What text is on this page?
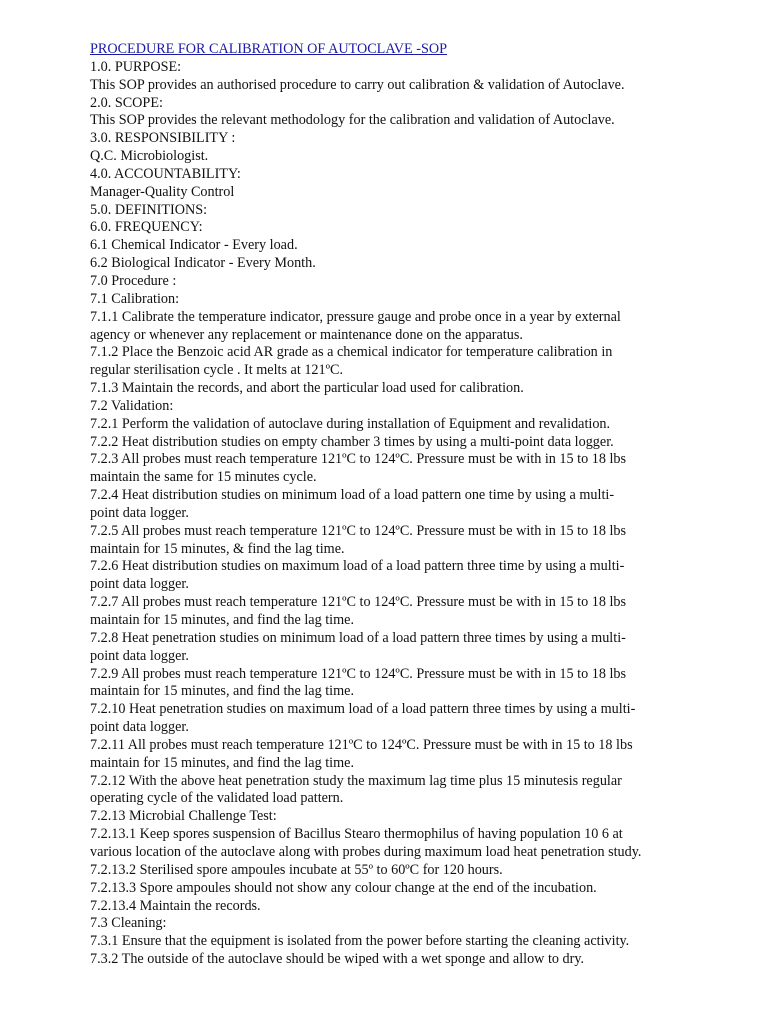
PROCEDURE FOR CALIBRATION OF AUTOCLAVE -SOP
1.0. PURPOSE:
This SOP provides an authorised procedure to carry out calibration & validation of Autoclave.
2.0. SCOPE:
This SOP provides the relevant methodology for the calibration and validation of Autoclave.
3.0. RESPONSIBILITY :
Q.C. Microbiologist.
4.0. ACCOUNTABILITY:
Manager-Quality Control
5.0. DEFINITIONS:
6.0. FREQUENCY:
6.1 Chemical Indicator - Every load.
6.2 Biological Indicator - Every Month.
7.0 Procedure :
7.1 Calibration:
7.1.1 Calibrate the temperature indicator, pressure gauge and probe once in a year by external
agency or whenever any replacement or maintenance done on the apparatus.
7.1.2 Place the Benzoic acid AR grade as a chemical indicator for temperature calibration in
regular sterilisation cycle . It melts at 121ºC.
7.1.3 Maintain the records, and abort the particular load used for calibration.
7.2 Validation:
7.2.1 Perform the validation of autoclave during installation of Equipment and revalidation.
7.2.2 Heat distribution studies on empty chamber 3 times by using a multi-point data logger.
7.2.3 All probes must reach temperature 121ºC to 124ºC. Pressure must be with in 15 to 18 lbs
maintain the same for 15 minutes cycle.
7.2.4 Heat distribution studies on minimum load of a load pattern one time by using a multi-
point data logger.
7.2.5 All probes must reach temperature 121ºC to 124ºC. Pressure must be with in 15 to 18 lbs
maintain for 15 minutes, & find the lag time.
7.2.6 Heat distribution studies on maximum load of a load pattern three time by using a multi-
point data logger.
7.2.7 All probes must reach temperature 121ºC to 124ºC. Pressure must be with in 15 to 18 lbs
maintain for 15 minutes, and find the lag time.
7.2.8 Heat penetration studies on minimum load of a load pattern three times by using a multi-
point data logger.
7.2.9 All probes must reach temperature 121ºC to 124ºC. Pressure must be with in 15 to 18 lbs
maintain for 15 minutes, and find the lag time.
7.2.10 Heat penetration studies on maximum load of a load pattern three times by using a multi-
point data logger.
7.2.11 All probes must reach temperature 121ºC to 124ºC. Pressure must be with in 15 to 18 lbs
maintain for 15 minutes, and find the lag time.
7.2.12 With the above heat penetration study the maximum lag time plus 15 minutesis regular
operating cycle of the validated load pattern.
7.2.13 Microbial Challenge Test:
7.2.13.1 Keep spores suspension of Bacillus Stearo thermophilus of having population 10 6 at
various location of the autoclave along with probes during maximum load heat penetration study.
7.2.13.2 Sterilised spore ampoules incubate at 55º to 60ºC for 120 hours.
7.2.13.3 Spore ampoules should not show any colour change at the end of the incubation.
7.2.13.4 Maintain the records.
7.3 Cleaning:
7.3.1 Ensure that the equipment is isolated from the power before starting the cleaning activity.
7.3.2 The outside of the autoclave should be wiped with a wet sponge and allow to dry.
